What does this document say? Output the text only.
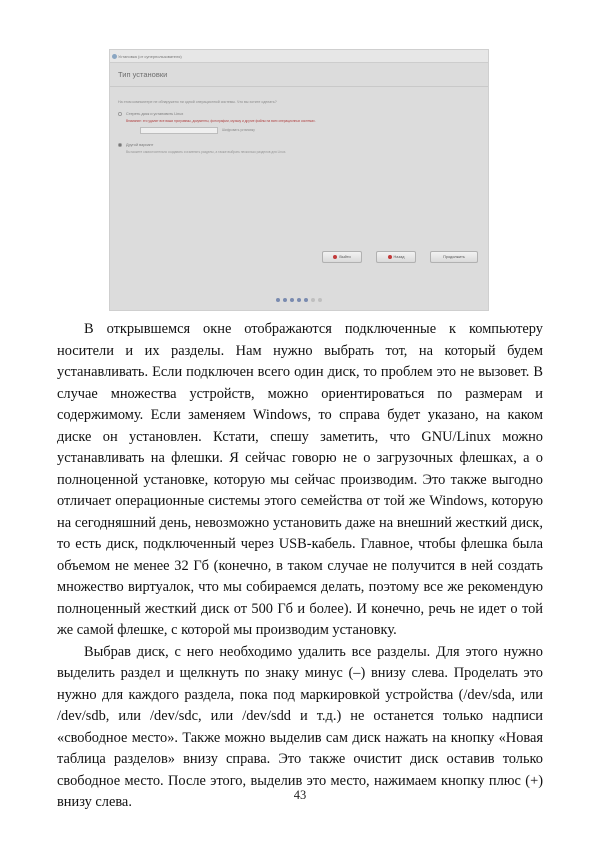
Установка (от суперпользователя)
Тип установки
На этом компьютере не обнаружено ни одной операционной системы. Что вы хотите сделать?
Стереть диск и установить Linux
Внимание: это удалит все ваши программы, документы, фотографии, музыку и другие файлы на всех операционных системах.
Шифровать установку
Другой вариант
Вы можете самостоятельно создавать и изменять разделы, а также выбрать несколько разделов для Linux.
Выйти	Назад	Продолжить

В открывшемся окне отображаются подключенные к компьютеру носители и их разделы. Нам нужно выбрать тот, на который будем устанавливать. Если подключен всего один диск, то проблем это не вызовет. В случае множества устройств, можно ориентироваться по размерам и содержимому. Если заменяем Windows, то справа будет указано, на каком диске он установлен. Кстати, спешу заметить, что GNU/Linux можно устанавливать на флешки. Я сейчас говорю не о загрузочных флешках, а о полноценной установке, которую мы сейчас производим. Это также выгодно отличает операционные системы этого семейства от той же Windows, которую на сегодняшний день, невозможно установить даже на внешний жесткий диск, то есть диск, подключенный через USB-кабель. Главное, чтобы флешка была объемом не менее 32 Гб (конечно, в таком случае не получится в ней создать множество виртуалок, что мы собираемся делать, поэтому все же рекомендую полноценный жесткий диск от 500 Гб и более). И конечно, речь не идет о той же самой флешке, с которой мы производим установку.

Выбрав диск, с него необходимо удалить все разделы. Для этого нужно выделить раздел и щелкнуть по знаку минус (–) внизу слева. Проделать это нужно для каждого раздела, пока под маркировкой устройства (/dev/sda, или /dev/sdb, или /dev/sdc, или /dev/sdd и т.д.) не останется только надписи «свободное место». Также можно выделив сам диск нажать на кнопку «Новая таблица разделов» внизу справа. Это также очистит диск оставив только свободное место. После этого, выделив это место, нажимаем кнопку плюс (+) внизу слева.	43
